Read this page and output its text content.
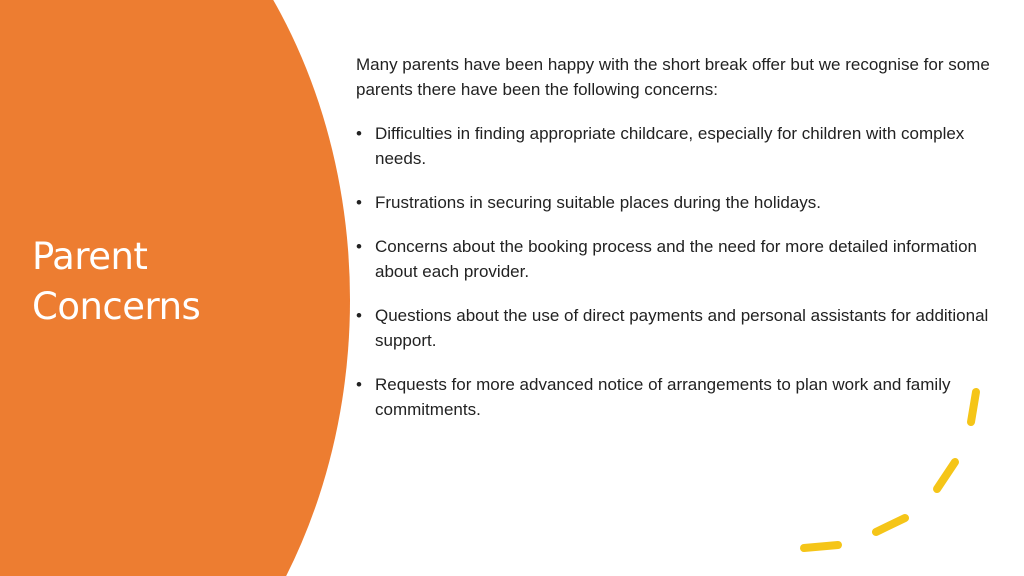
Parent
Concerns

Many parents have been happy with the short break offer but we recognise for some parents there have been the following concerns:

• Difficulties in finding appropriate childcare, especially for children with complex needs.
• Frustrations in securing suitable places during the holidays.
• Concerns about the booking process and the need for more detailed information about each provider.
• Questions about the use of direct payments and personal assistants for additional support.
• Requests for more advanced notice of arrangements to plan work and family commitments.
